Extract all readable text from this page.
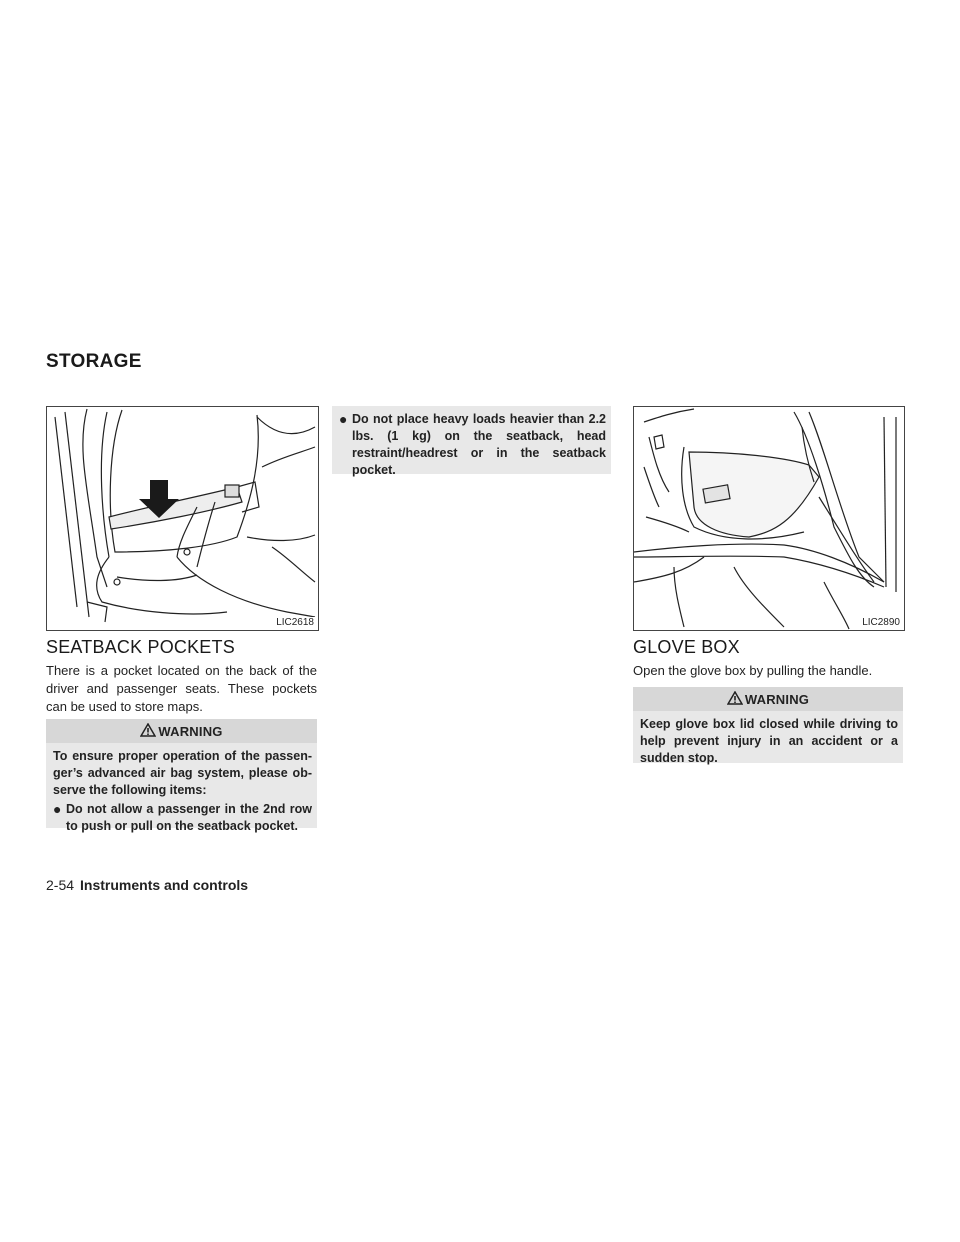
STORAGE
LIC2618
SEATBACK POCKETS
There is a pocket located on the back of the driver and passenger seats. These pockets can be used to store maps.
WARNING

To ensure proper operation of the passen- ger’s advanced air bag system, please ob- serve the following items:

● Do not allow a passenger in the 2nd row to push or pull on the seatback pocket.
● Do not place heavy loads heavier than 2.2 lbs. (1 kg) on the seatback, head restraint/headrest or in the seatback pocket.
LIC2890
GLOVE BOX
Open the glove box by pulling the handle.
WARNING

Keep glove box lid closed while driving to help prevent injury in an accident or a sudden stop.

2-54 Instruments and controls
